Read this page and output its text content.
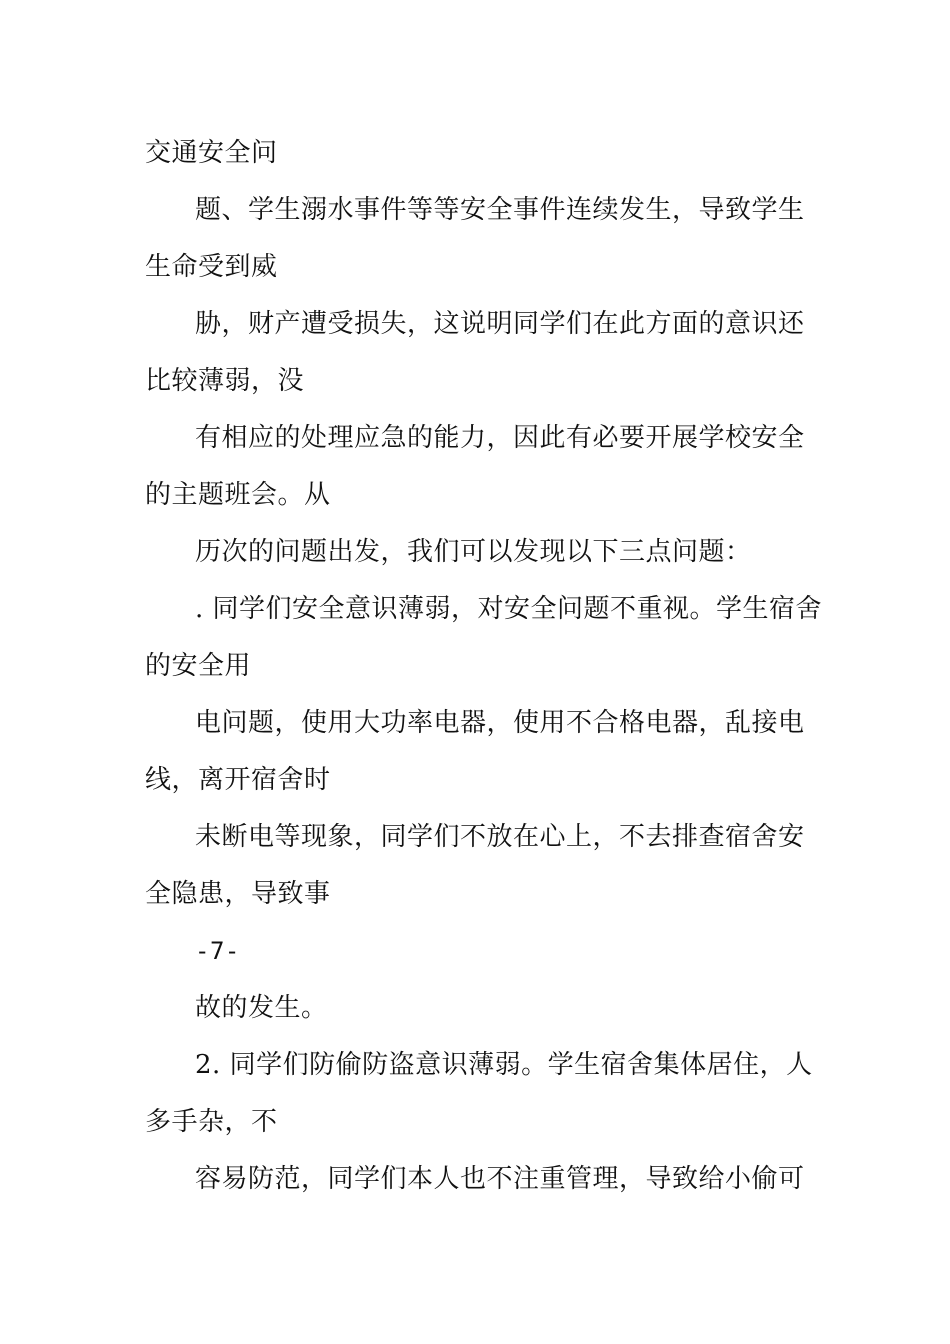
交通安全问
题、学生溺水事件等等安全事件连续发生，导致学生
生命受到威
胁，财产遭受损失，这说明同学们在此方面的意识还
比较薄弱，没
有相应的处理应急的能力，因此有必要开展学校安全
的主题班会。从
历次的问题出发，我们可以发现以下三点问题：
. 同学们安全意识薄弱，对安全问题不重视。学生宿舍
的安全用
电问题，使用大功率电器，使用不合格电器，乱接电
线，离开宿舍时
未断电等现象，同学们不放在心上，不去排查宿舍安
全隐患，导致事
-7-
故的发生。
2. 同学们防偷防盗意识薄弱。学生宿舍集体居住，人
多手杂，不
容易防范，同学们本人也不注重管理，导致给小偷可
